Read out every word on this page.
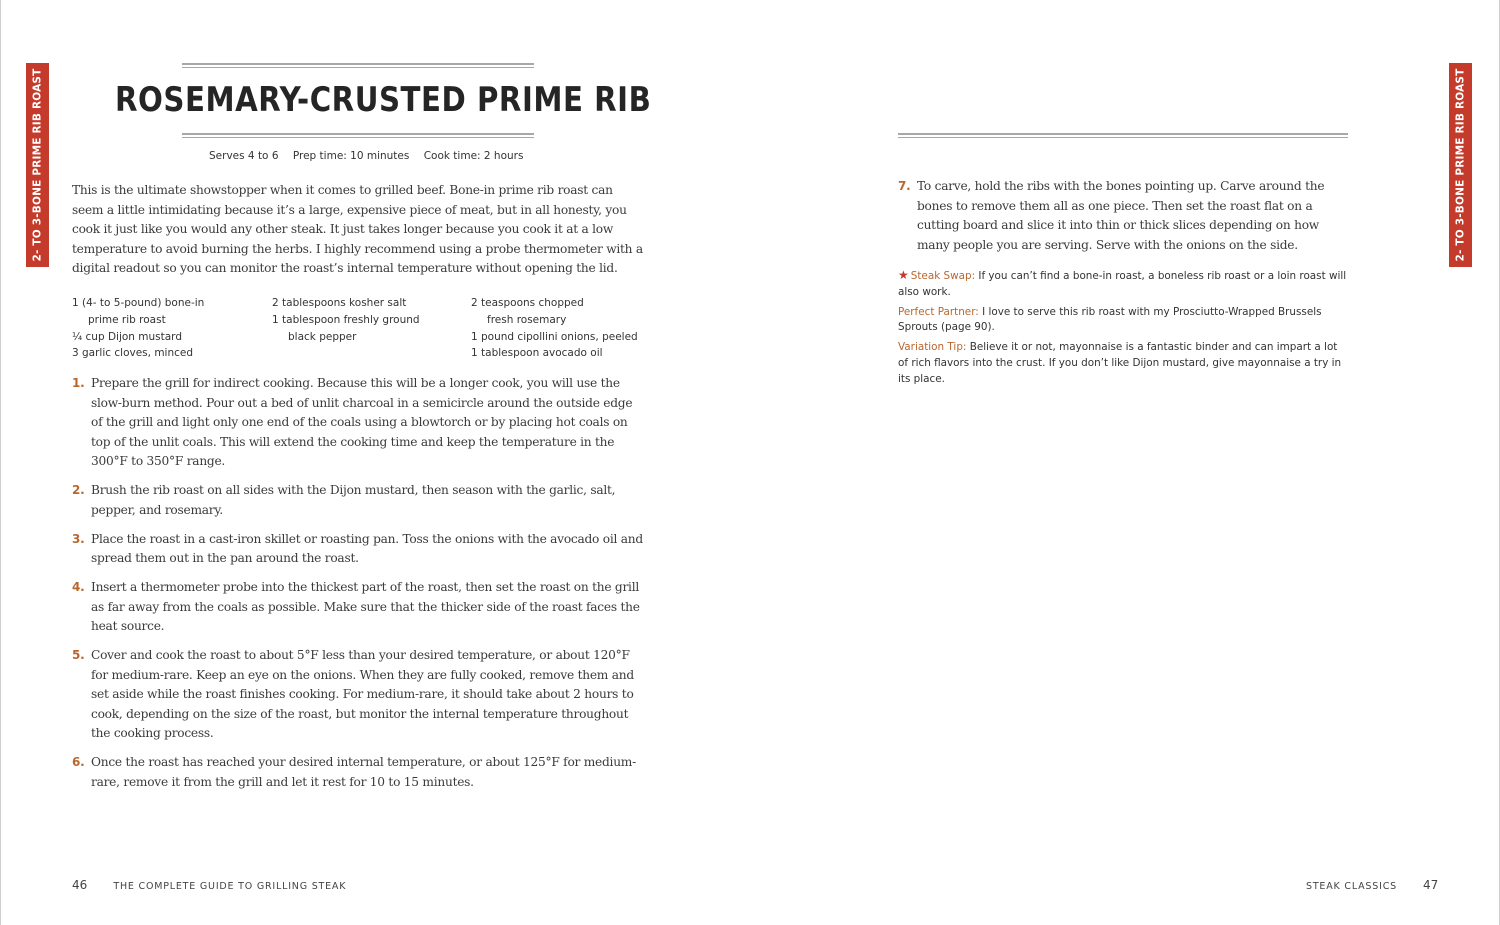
2- TO 3-BONE PRIME RIB ROAST	2- TO 3-BONE PRIME RIB ROAST
ROSEMARY-CRUSTED PRIME RIB
Serves 4 to 6 Prep time: 10 minutes Cook time: 2 hours

This is the ultimate showstopper when it comes to grilled beef. Bone-in prime rib roast can seem a little intimidating because it’s a large, expensive piece of meat, but in all honesty, you cook it just like you would any other steak. It just takes longer because you cook it at a low temperature to avoid burning the herbs. I highly recommend using a probe thermometer with a digital readout so you can monitor the roast’s internal temperature without opening the lid.

1 (4- to 5-pound) bone-in
prime rib roast
¼ cup Dijon mustard
3 garlic cloves, minced
2 tablespoons kosher salt
1 tablespoon freshly ground
black pepper
2 teaspoons chopped
fresh rosemary
1 pound cipollini onions, peeled
1 tablespoon avocado oil
1. Prepare the grill for indirect cooking. Because this will be a longer cook, you will use the slow-burn method. Pour out a bed of unlit charcoal in a semicircle around the outside edge of the grill and light only one end of the coals using a blowtorch or by placing hot coals on top of the unlit coals. This will extend the cooking time and keep the temperature in the 300°F to 350°F range.
2. Brush the rib roast on all sides with the Dijon mustard, then season with the garlic, salt, pepper, and rosemary.
3. Place the roast in a cast-iron skillet or roasting pan. Toss the onions with the avocado oil and spread them out in the pan around the roast.
4. Insert a thermometer probe into the thickest part of the roast, then set the roast on the grill as far away from the coals as possible. Make sure that the thicker side of the roast faces the heat source.
5. Cover and cook the roast to about 5°F less than your desired temperature, or about 120°F for medium-rare. Keep an eye on the onions. When they are fully cooked, remove them and set aside while the roast finishes cooking. For medium-rare, it should take about 2 hours to cook, depending on the size of the roast, but monitor the internal temperature throughout the cooking process.
6. Once the roast has reached your desired internal temperature, or about 125°F for medium-rare, remove it from the grill and let it rest for 10 to 15 minutes.
7. To carve, hold the ribs with the bones pointing up. Carve around the bones to remove them all as one piece. Then set the roast flat on a cutting board and slice it into thin or thick slices depending on how many people you are serving. Serve with the onions on the side.

★ Steak Swap: If you can’t find a bone-in roast, a boneless rib roast or a loin roast will also work.

Perfect Partner: I love to serve this rib roast with my Prosciutto-Wrapped Brussels Sprouts (page 90).

Variation Tip: Believe it or not, mayonnaise is a fantastic binder and can impart a lot of rich flavors into the crust. If you don’t like Dijon mustard, give mayonnaise a try in its place.

46	THE COMPLETE GUIDE TO GRILLING STEAK	STEAK CLASSICS 47
